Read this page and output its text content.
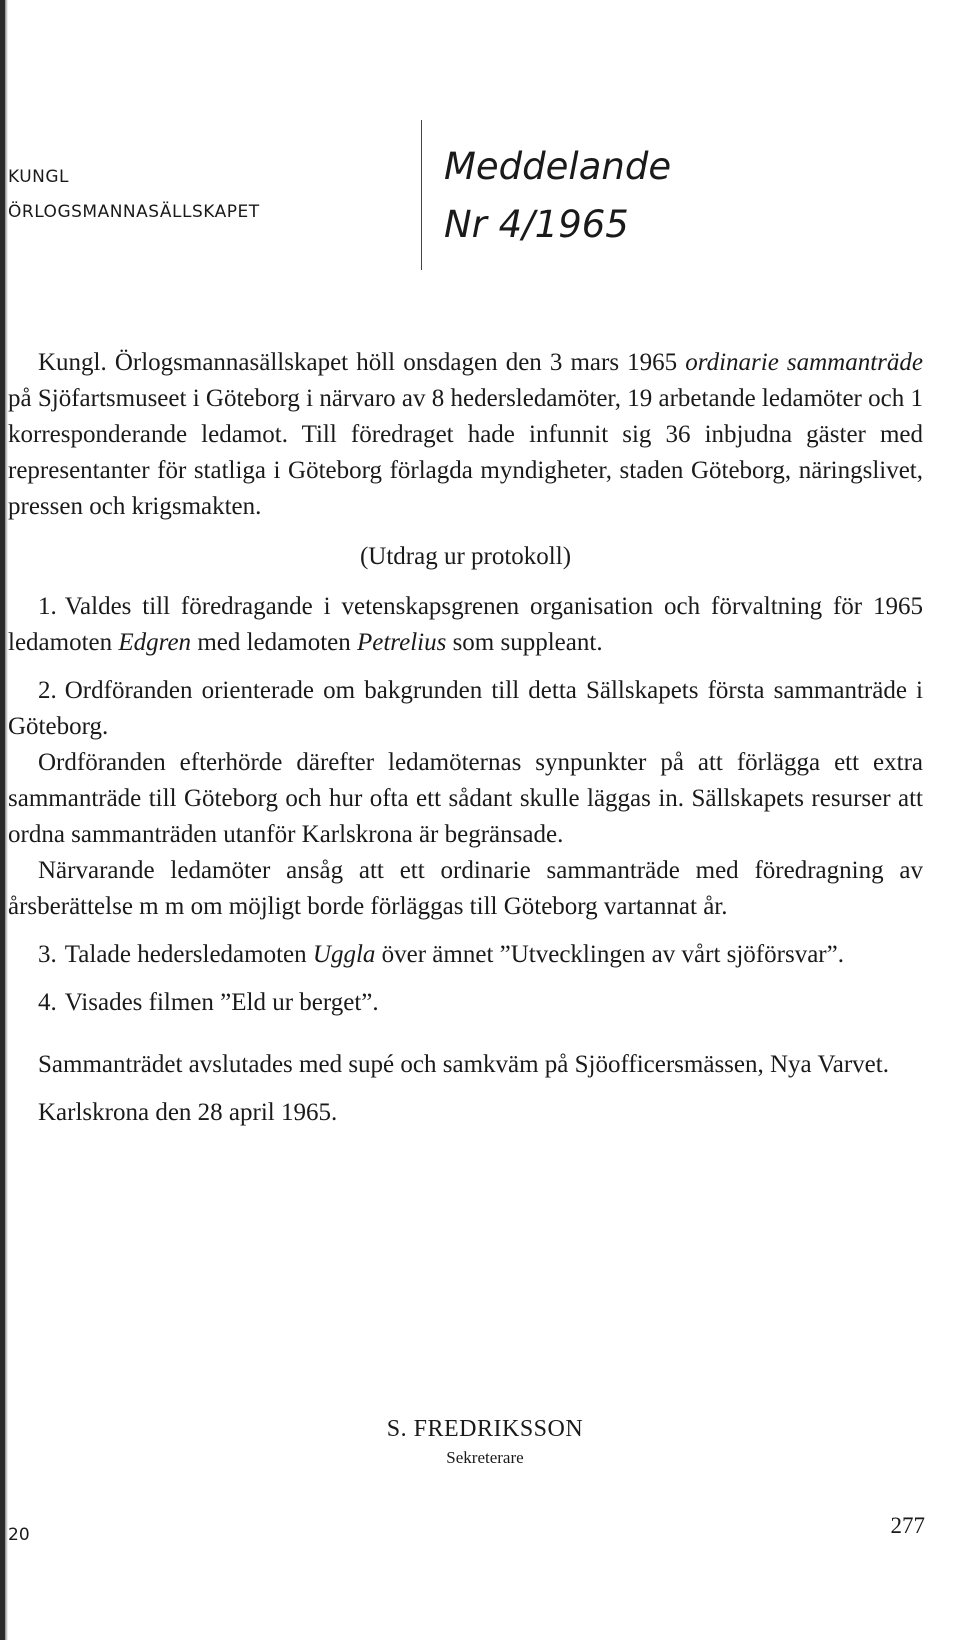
KUNGL
ÖRLOGSMANNASÄLLSKAPET
Meddelande
Nr 4/1965

Kungl. Örlogsmannasällskapet höll onsdagen den 3 mars 1965 ordinarie sammanträde på Sjöfartsmuseet i Göteborg i närvaro av 8 hedersledamöter, 19 arbetande ledamöter och 1 korresponderande ledamot. Till föredraget hade infunnit sig 36 inbjudna gäster med representanter för statliga i Göteborg förlagda myndigheter, staden Göteborg, näringslivet, pressen och krigsmakten.

(Utdrag ur protokoll)

1. Valdes till föredragande i vetenskapsgrenen organisation och förvaltning för 1965 ledamoten Edgren med ledamoten Petrelius som suppleant.

2. Ordföranden orienterade om bakgrunden till detta Sällskapets första sammanträde i Göteborg.

Ordföranden efterhörde därefter ledamöternas synpunkter på att förlägga ett extra sammanträde till Göteborg och hur ofta ett sådant skulle läggas in. Sällskapets resurser att ordna sammanträden utanför Karlskrona är begränsade.

Närvarande ledamöter ansåg att ett ordinarie sammanträde med föredragning av årsberättelse m m om möjligt borde förläggas till Göteborg vartannat år.

3. Talade hedersledamoten Uggla över ämnet ”Utvecklingen av vårt sjöförsvar”.

4. Visades filmen ”Eld ur berget”.

Sammanträdet avslutades med supé och samkväm på Sjöofficersmässen, Nya Varvet.

Karlskrona den 28 april 1965.

S. FREDRIKSSON
Sekreterare
20	277
